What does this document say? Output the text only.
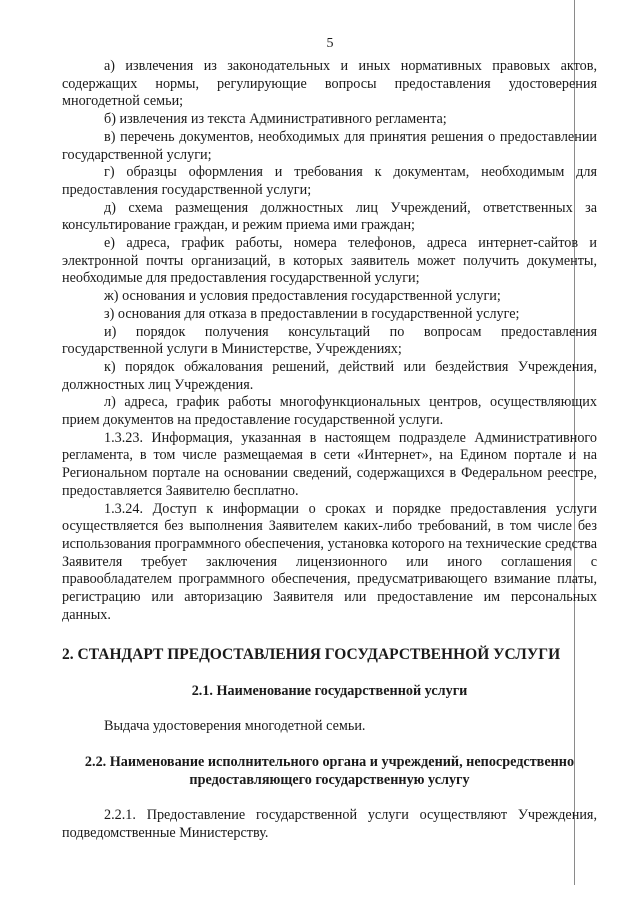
5

а) извлечения из законодательных и иных нормативных правовых актов, содержащих нормы, регулирующие вопросы предоставления удостоверения многодетной семьи;

б) извлечения из текста Административного регламента;

в) перечень документов, необходимых для принятия решения о предоставлении государственной услуги;

г) образцы оформления и требования к документам, необходимым для предоставления государственной услуги;

д) схема размещения должностных лиц Учреждений, ответственных за консультирование граждан, и режим приема ими граждан;

е) адреса, график работы, номера телефонов, адреса интернет-сайтов и электронной почты организаций, в которых заявитель может получить документы, необходимые для предоставления государственной услуги;

ж) основания и условия предоставления государственной услуги;

з) основания для отказа в предоставлении в государственной услуге;

и) порядок получения консультаций по вопросам предоставления государственной услуги в Министерстве, Учреждениях;

к) порядок обжалования решений, действий или бездействия Учреждения, должностных лиц Учреждения.

л) адреса, график работы многофункциональных центров, осуществляющих прием документов на предоставление государственной услуги.

1.3.23. Информация, указанная в настоящем подразделе Административного регламента, в том числе размещаемая в сети «Интернет», на Едином портале и на Региональном портале на основании сведений, содержащихся в Федеральном реестре, предоставляется Заявителю бесплатно.

1.3.24. Доступ к информации о сроках и порядке предоставления услуги осуществляется без выполнения Заявителем каких-либо требований, в том числе без использования программного обеспечения, установка которого на технические средства Заявителя требует заключения лицензионного или иного соглашения с правообладателем программного обеспечения, предусматривающего взимание платы, регистрацию или авторизацию Заявителя или предоставление им персональных данных.

2. СТАНДАРТ ПРЕДОСТАВЛЕНИЯ ГОСУДАРСТВЕННОЙ УСЛУГИ
2.1. Наименование государственной услуги

Выдача удостоверения многодетной семьи.

2.2. Наименование исполнительного органа и учреждений, непосредственно
предоставляющего государственную услугу

2.2.1. Предоставление государственной услуги осуществляют Учреждения, подведомственные Министерству.
